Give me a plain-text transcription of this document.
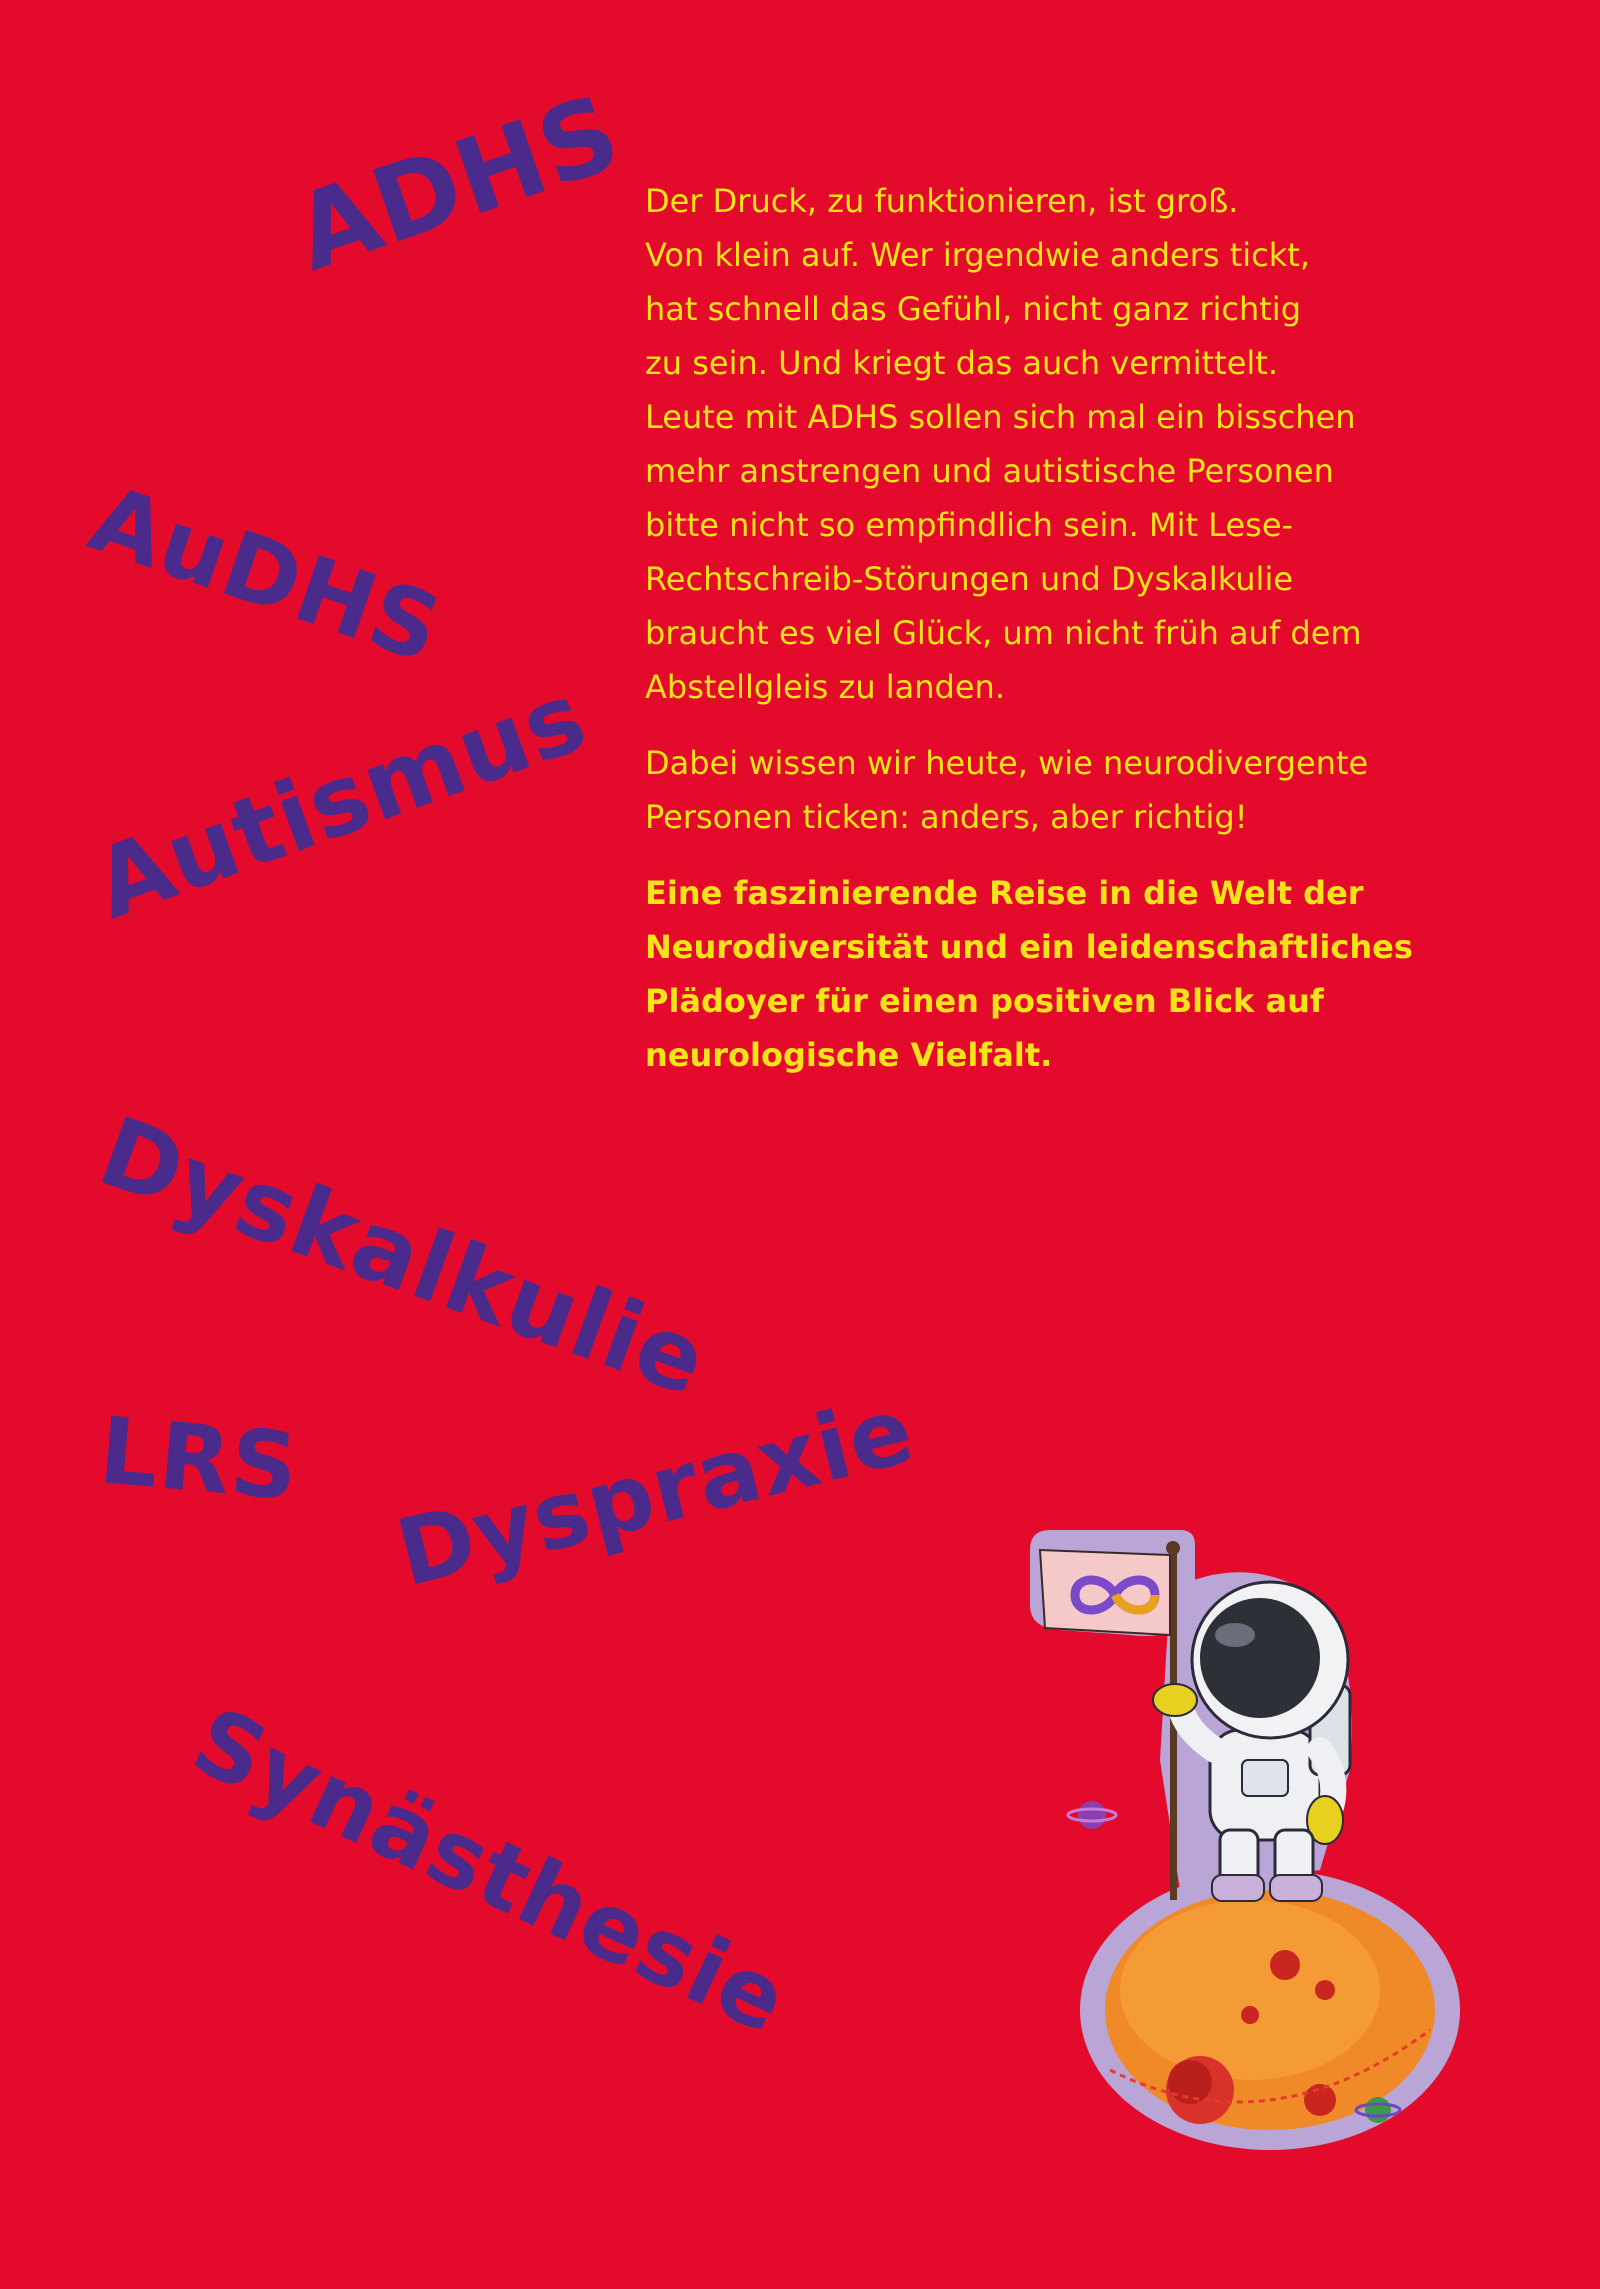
ADHS
AuDHS
Autismus
Dyskalkulie
LRS Dyspraxie
Synästhesie

Der Druck, zu funktionieren, ist groß.
Von klein auf. Wer irgendwie anders tickt,
hat schnell das Gefühl, nicht ganz richtig
zu sein. Und kriegt das auch vermittelt.
Leute mit ADHS sollen sich mal ein bisschen
mehr anstrengen und autistische Personen
bitte nicht so empfindlich sein. Mit Lese-
Rechtschreib-Störungen und Dyskalkulie
braucht es viel Glück, um nicht früh auf dem
Abstellgleis zu landen.

Dabei wissen wir heute, wie neurodivergente
Personen ticken: anders, aber richtig!

Eine faszinierende Reise in die Welt der
Neurodiversität und ein leidenschaftliches
Plädoyer für einen positiven Blick auf
neurologische Vielfalt.
